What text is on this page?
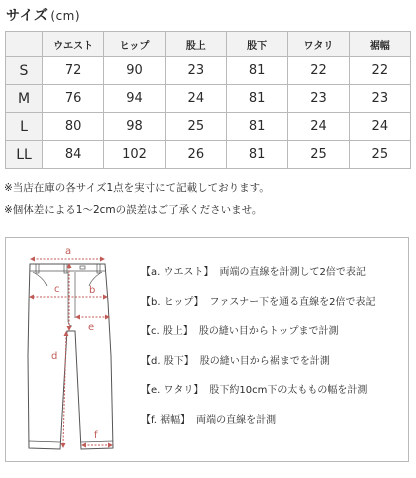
サイズ (cm)
	ウエスト	ヒップ	股上	股下	ワタリ	裾幅
S	72	90	23	81	22	22
M	76	94	24	81	23	23
L	80	98	25	81	24	24
LL	84	102	26	81	25	25
※当店在庫の各サイズ1点を実寸にて記載しております。
※個体差による1〜2cmの誤差はご了承くださいませ。
a
b
c
d
e
f
【a. ウエスト】 両端の直線を計測して2倍で表記
【b. ヒップ】 ファスナー下を通る直線を2倍で表記
【c. 股上】 股の縫い目からトップまで計測
【d. 股下】 股の縫い目から裾までを計測
【e. ワタリ】 股下約10cm下の太ももの幅を計測
【f. 裾幅】 両端の直線を計測
